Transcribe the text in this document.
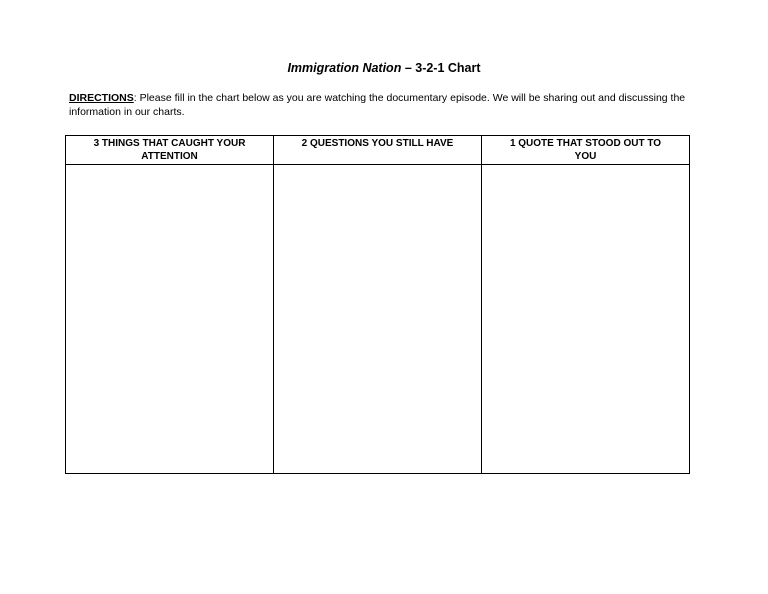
Immigration Nation – 3-2-1 Chart
DIRECTIONS: Please fill in the chart below as you are watching the documentary episode. We will be sharing out and discussing the information in our charts.
3 THINGS THAT CAUGHT YOUR ATTENTION	2 QUESTIONS YOU STILL HAVE	1 QUOTE THAT STOOD OUT TO YOU
